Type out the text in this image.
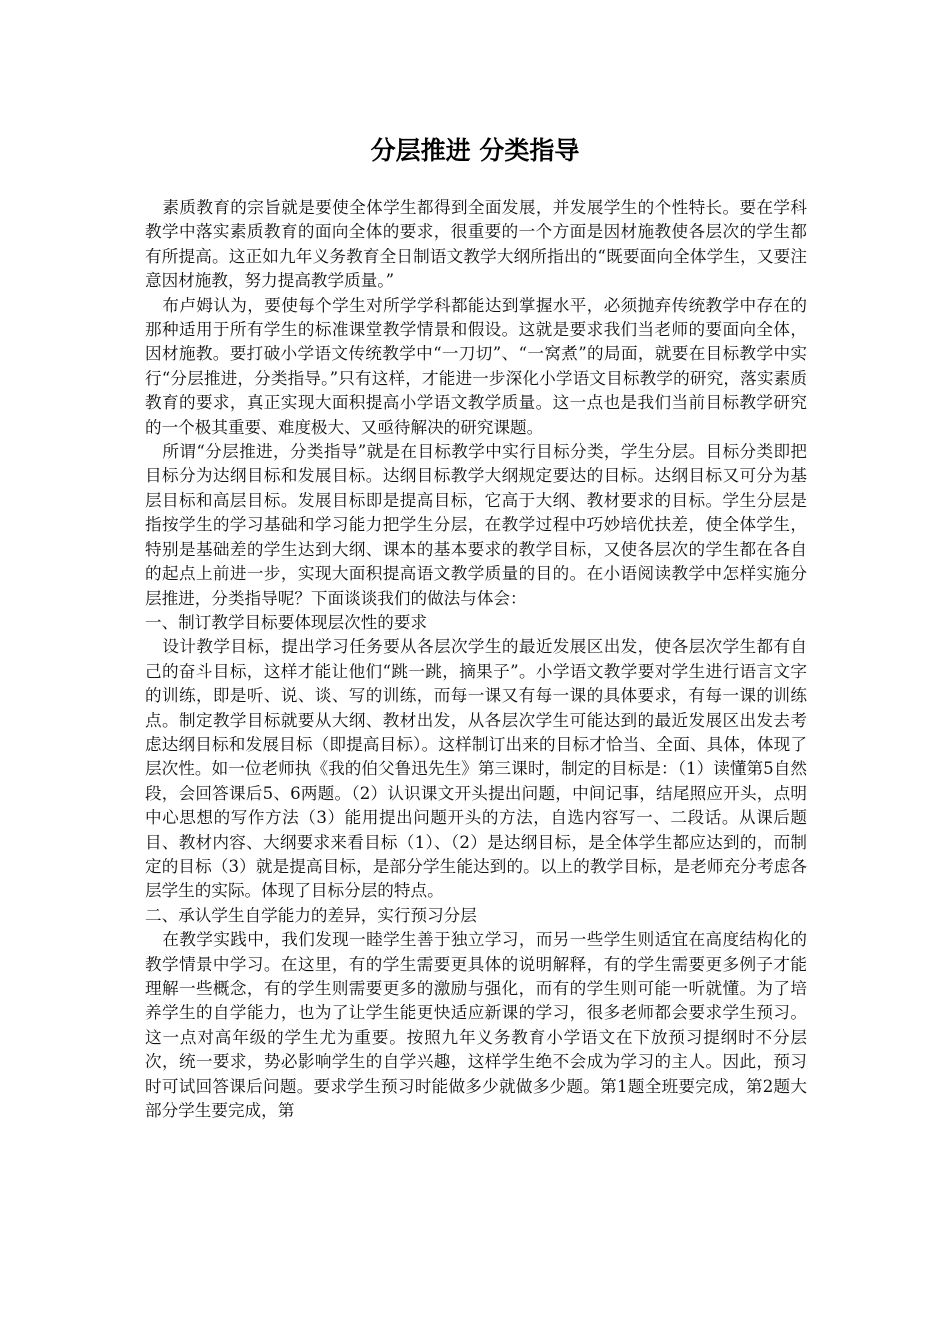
分层推进 分类指导

素质教育的宗旨就是要使全体学生都得到全面发展，并发展学生的个性特长。要在学科教学中落实素质教育的面向全体的要求，很重要的一个方面是因材施教使各层次的学生都有所提高。这正如九年义务教育全日制语文教学大纲所指出的“既要面向全体学生，又要注意因材施教，努力提高教学质量。”

布卢姆认为，要使每个学生对所学学科都能达到掌握水平，必须抛弃传统教学中存在的那种适用于所有学生的标准课堂教学情景和假设。这就是要求我们当老师的要面向全体，因材施教。要打破小学语文传统教学中“一刀切”、“一窝煮”的局面，就要在目标教学中实行“分层推进，分类指导。”只有这样，才能进一步深化小学语文目标教学的研究，落实素质教育的要求，真正实现大面积提高小学语文教学质量。这一点也是我们当前目标教学研究的一个极其重要、难度极大、又亟待解决的研究课题。

所谓“分层推进，分类指导”就是在目标教学中实行目标分类，学生分层。目标分类即把目标分为达纲目标和发展目标。达纲目标教学大纲规定要达的目标。达纲目标又可分为基层目标和高层目标。发展目标即是提高目标，它高于大纲、教材要求的目标。学生分层是指按学生的学习基础和学习能力把学生分层，在教学过程中巧妙培优扶差，使全体学生，特别是基础差的学生达到大纲、课本的基本要求的教学目标，又使各层次的学生都在各自的起点上前进一步，实现大面积提高语文教学质量的目的。在小语阅读教学中怎样实施分层推进，分类指导呢？下面谈谈我们的做法与体会：

一、制订教学目标要体现层次性的要求

设计教学目标，提出学习任务要从各层次学生的最近发展区出发，使各层次学生都有自己的奋斗目标，这样才能让他们“跳一跳，摘果子”。小学语文教学要对学生进行语言文字的训练，即是听、说、谈、写的训练，而每一课又有每一课的具体要求，有每一课的训练点。制定教学目标就要从大纲、教材出发，从各层次学生可能达到的最近发展区出发去考虑达纲目标和发展目标（即提高目标）。这样制订出来的目标才恰当、全面、具体，体现了层次性。如一位老师执《我的伯父鲁迅先生》第三课时，制定的目标是：（1）读懂第5自然段，会回答课后5、6两题。（2）认识课文开头提出问题，中间记事，结尾照应开头，点明中心思想的写作方法（3）能用提出问题开头的方法，自选内容写一、二段话。从课后题目、教材内容、大纲要求来看目标（1）、（2）是达纲目标，是全体学生都应达到的，而制定的目标（3）就是提高目标，是部分学生能达到的。以上的教学目标，是老师充分考虑各层学生的实际。体现了目标分层的特点。

二、承认学生自学能力的差异，实行预习分层

在教学实践中，我们发现一睦学生善于独立学习，而另一些学生则适宜在高度结构化的教学情景中学习。在这里，有的学生需要更具体的说明解释，有的学生需要更多例子才能理解一些概念，有的学生则需要更多的激励与强化，而有的学生则可能一听就懂。为了培养学生的自学能力，也为了让学生能更快适应新课的学习，很多老师都会要求学生预习。这一点对高年级的学生尤为重要。按照九年义务教育小学语文在下放预习提纲时不分层次，统一要求，势必影响学生的自学兴趣，这样学生绝不会成为学习的主人。因此，预习时可试回答课后问题。要求学生预习时能做多少就做多少题。第1题全班要完成，第2题大部分学生要完成，第
